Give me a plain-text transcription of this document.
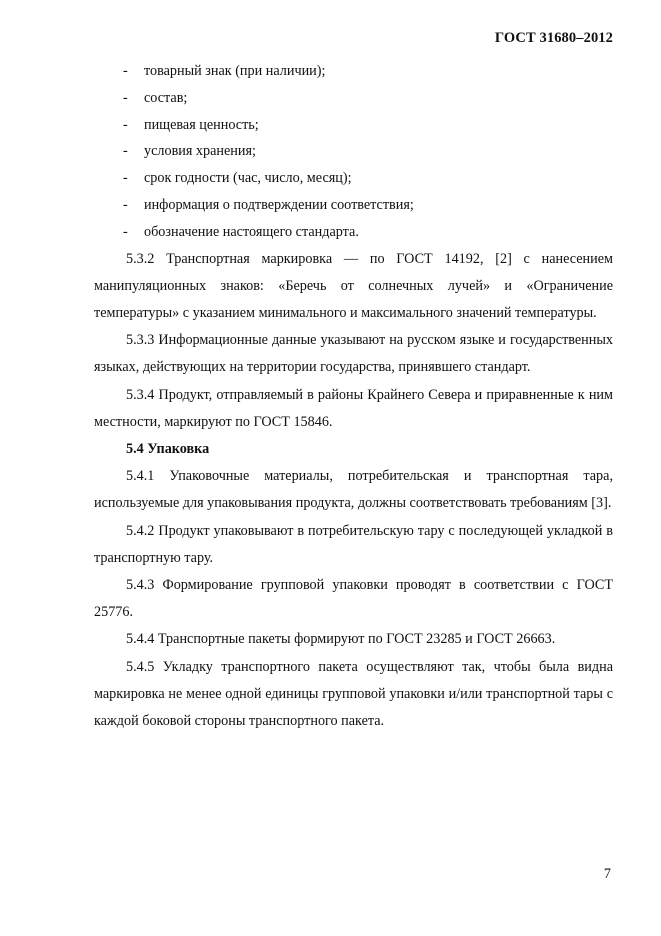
ГОСТ 31680–2012
-	товарный знак (при наличии);
-	состав;
-	пищевая ценность;
-	условия хранения;
-	срок годности (час, число, месяц);
-	информация о подтверждении соответствия;
-	обозначение настоящего стандарта.

5.3.2 Транспортная маркировка — по ГОСТ 14192, [2] с нанесением манипуляционных знаков: «Беречь от солнечных лучей» и «Ограничение температуры» с указанием минимального и максимального значений температуры.

5.3.3 Информационные данные указывают на русском языке и государственных языках, действующих на территории государства, принявшего стандарт.

5.3.4 Продукт, отправляемый в районы Крайнего Севера и приравненные к ним местности, маркируют по ГОСТ 15846.

5.4 Упаковка

5.4.1 Упаковочные материалы, потребительская и транспортная тара, используемые для упаковывания продукта, должны соответствовать требованиям [3].

5.4.2 Продукт упаковывают в потребительскую тару с последующей укладкой в транспортную тару.

5.4.3 Формирование групповой упаковки проводят в соответствии с ГОСТ 25776.

5.4.4 Транспортные пакеты формируют по ГОСТ 23285 и ГОСТ 26663.

5.4.5 Укладку транспортного пакета осуществляют так, чтобы была видна маркировка не менее одной единицы групповой упаковки и/или транспортной тары с каждой боковой стороны транспортного пакета.

7
